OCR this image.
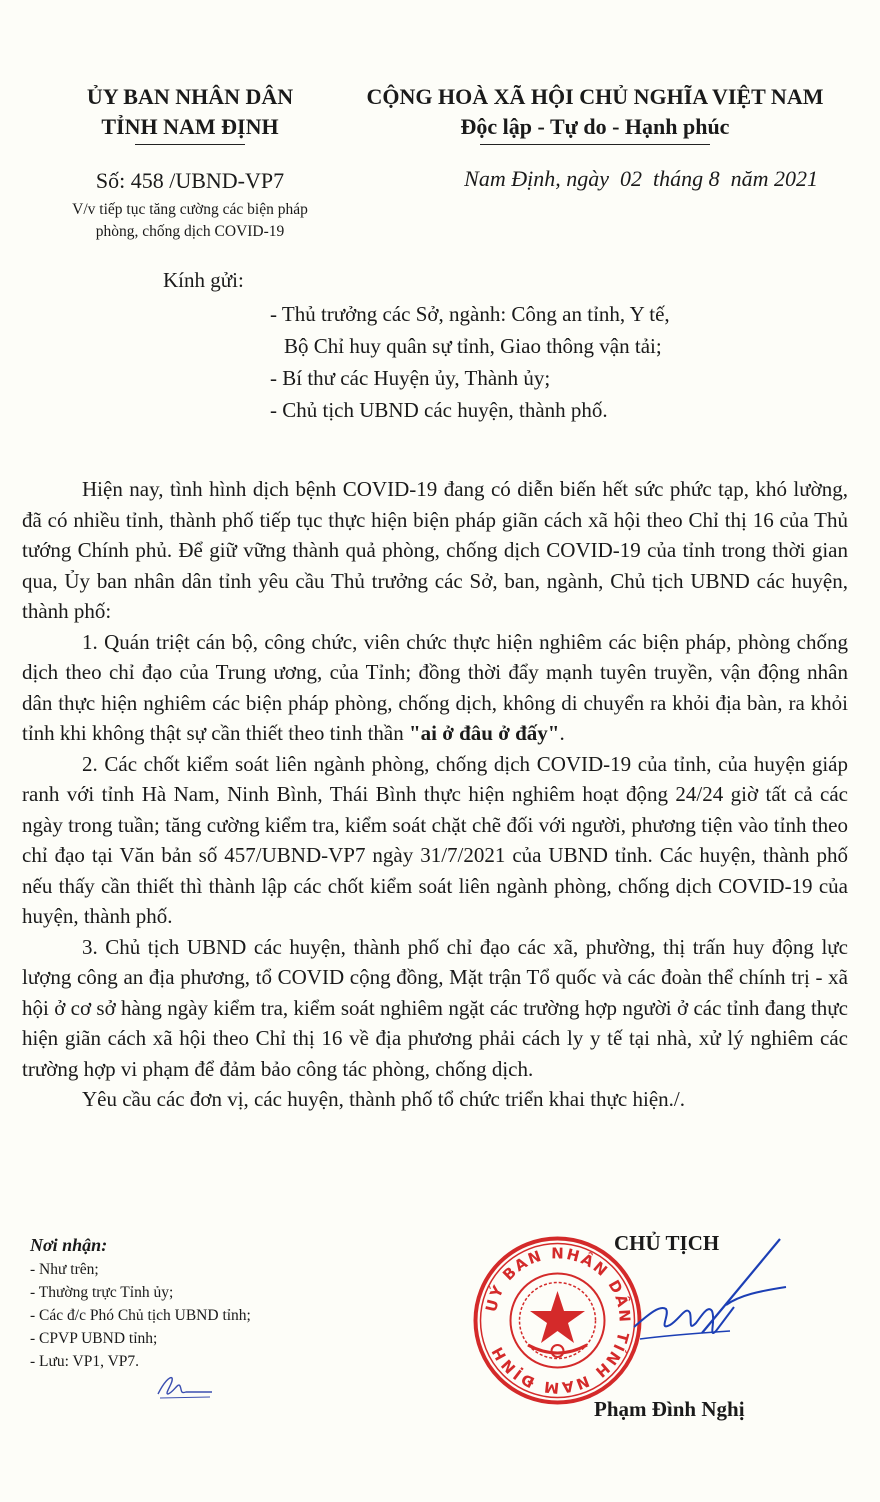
ỦY BAN NHÂN DÂN
TỈNH NAM ĐỊNH
Số: 458 /UBND-VP7
V/v tiếp tục tăng cường các biện pháp
phòng, chống dịch COVID-19
CỘNG HOÀ XÃ HỘI CHỦ NGHĨA VIỆT NAM
Độc lập - Tự do - Hạnh phúc
Nam Định, ngày  02  tháng 8  năm 2021
Kính gửi:
- Thủ trưởng các Sở, ngành: Công an tỉnh, Y tế,
Bộ Chỉ huy quân sự tỉnh, Giao thông vận tải;
- Bí thư các Huyện ủy, Thành ủy;
- Chủ tịch UBND các huyện, thành phố.

Hiện nay, tình hình dịch bệnh COVID-19 đang có diễn biến hết sức phức tạp, khó lường, đã có nhiều tỉnh, thành phố tiếp tục thực hiện biện pháp giãn cách xã hội theo Chỉ thị 16 của Thủ tướng Chính phủ. Để giữ vững thành quả phòng, chống dịch COVID-19 của tỉnh trong thời gian qua, Ủy ban nhân dân tỉnh yêu cầu Thủ trưởng các Sở, ban, ngành, Chủ tịch UBND các huyện, thành phố:

1. Quán triệt cán bộ, công chức, viên chức thực hiện nghiêm các biện pháp, phòng chống dịch theo chỉ đạo của Trung ương, của Tỉnh; đồng thời đẩy mạnh tuyên truyền, vận động nhân dân thực hiện nghiêm các biện pháp phòng, chống dịch, không di chuyển ra khỏi địa bàn, ra khỏi tỉnh khi không thật sự cần thiết theo tinh thần "ai ở đâu ở đấy".

2. Các chốt kiểm soát liên ngành phòng, chống dịch COVID-19 của tỉnh, của huyện giáp ranh với tỉnh Hà Nam, Ninh Bình, Thái Bình thực hiện nghiêm hoạt động 24/24 giờ tất cả các ngày trong tuần; tăng cường kiểm tra, kiểm soát chặt chẽ đối với người, phương tiện vào tỉnh theo chỉ đạo tại Văn bản số 457/UBND-VP7 ngày 31/7/2021 của UBND tỉnh. Các huyện, thành phố nếu thấy cần thiết thì thành lập các chốt kiểm soát liên ngành phòng, chống dịch COVID-19 của huyện, thành phố.

3. Chủ tịch UBND các huyện, thành phố chỉ đạo các xã, phường, thị trấn huy động lực lượng công an địa phương, tổ COVID cộng đồng, Mặt trận Tổ quốc và các đoàn thể chính trị - xã hội ở cơ sở hàng ngày kiểm tra, kiểm soát nghiêm ngặt các trường hợp người ở các tỉnh đang thực hiện giãn cách xã hội theo Chỉ thị 16 về địa phương phải cách ly y tế tại nhà, xử lý nghiêm các trường hợp vi phạm để đảm bảo công tác phòng, chống dịch.

Yêu cầu các đơn vị, các huyện, thành phố tổ chức triển khai thực hiện./.

Nơi nhận:
- Như trên;
- Thường trực Tỉnh ủy;
- Các đ/c Phó Chủ tịch UBND tỉnh;
- CPVP UBND tỉnh;
- Lưu: VP1, VP7.
UỶ BAN NHÂN DÂN TỈNH NAM ĐỊNH
CHỦ TỊCH
Phạm Đình Nghị
